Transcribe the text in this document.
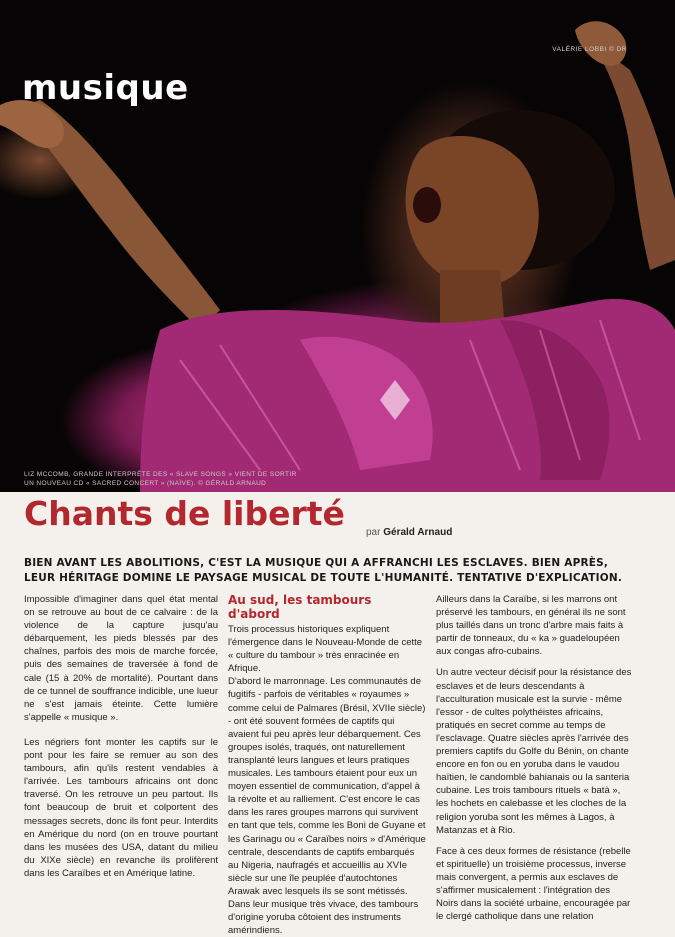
musique
VALÉRIE LOBBI © DR
LIZ MCCOMB, GRANDE INTERPRÈTE DES « SLAVE SONGS » VIENT DE SORTIR
UN NOUVEAU CD « SACRED CONCERT » (NAÏVE). © GÉRALD ARNAUD
Chants de liberté par Gérald Arnaud
BIEN AVANT LES ABOLITIONS, C'EST LA MUSIQUE QUI A AFFRANCHI LES ESCLAVES. BIEN APRÈS, LEUR HÉRITAGE DOMINE LE PAYSAGE MUSICAL DE TOUTE L'HUMANITÉ. TENTATIVE D'EXPLICATION.

Impossible d'imaginer dans quel état mental on se retrouve au bout de ce calvaire : de la violence de la capture jusqu'au débarquement, les pieds blessés par des chaînes, parfois des mois de marche forcée, puis des semaines de traversée à fond de cale (15 à 20% de mortalité). Pourtant dans de ce tunnel de souffrance indicible, une lueur ne s'est jamais éteinte. Cette lumière s'appelle « musique ».

Les négriers font monter les captifs sur le pont pour les faire se remuer au son des tambours, afin qu'ils restent vendables à l'arrivée. Les tambours africains ont donc traversé. On les retrouve un peu partout. Ils font beaucoup de bruit et colportent des messages secrets, donc ils font peur. Interdits en Amérique du nord (on en trouve pourtant dans les musées des USA, datant du milieu du XIXe siècle) en revanche ils prolifèrent dans les Caraïbes et en Amérique latine.

Au sud, les tambours d'abord

Trois processus historiques expliquent l'émergence dans le Nouveau-Monde de cette « culture du tambour » très enracinée en Afrique.

D'abord le marronnage. Les communautés de fugitifs - parfois de véritables « royaumes » comme celui de Palmares (Brésil, XVIIe siècle) - ont été souvent formées de captifs qui avaient fui peu après leur débarquement. Ces groupes isolés, traqués, ont naturellement transplanté leurs langues et leurs pratiques musicales. Les tambours étaient pour eux un moyen essentiel de communication, d'appel à la révolte et au ralliement. C'est encore le cas dans les rares groupes marrons qui survivent en tant que tels, comme les Boni de Guyane et les Garinagu ou « Caraïbes noirs » d'Amérique centrale, descendants de captifs embarqués au Nigeria, naufragés et accueillis au XVIe siècle sur une île peuplée d'autochtones Arawak avec lesquels ils se sont métissés. Dans leur musique très vivace, des tambours d'origine yoruba côtoient des instruments amérindiens.

Ailleurs dans la Caraïbe, si les marrons ont préservé les tambours, en général ils ne sont plus taillés dans un tronc d'arbre mais faits à partir de tonneaux, du « ka » guadeloupéen aux congas afro-cubains.

Un autre vecteur décisif pour la résistance des esclaves et de leurs descendants à l'acculturation musicale est la survie - même l'essor - de cultes polythéistes africains, pratiqués en secret comme au temps de l'esclavage. Quatre siècles après l'arrivée des premiers captifs du Golfe du Bénin, on chante encore en fon ou en yoruba dans le vaudou haïtien, le candomblé bahianais ou la santeria cubaine. Les trois tambours rituels « batà », les hochets en calebasse et les cloches de la religion yoruba sont les mêmes à Lagos, à Matanzas et à Rio.

Face à ces deux formes de résistance (rebelle et spirituelle) un troisième processus, inverse mais convergent, a permis aux esclaves de s'affirmer musicalement : l'intégration des Noirs dans la société urbaine, encouragée par le clergé catholique dans une relation
